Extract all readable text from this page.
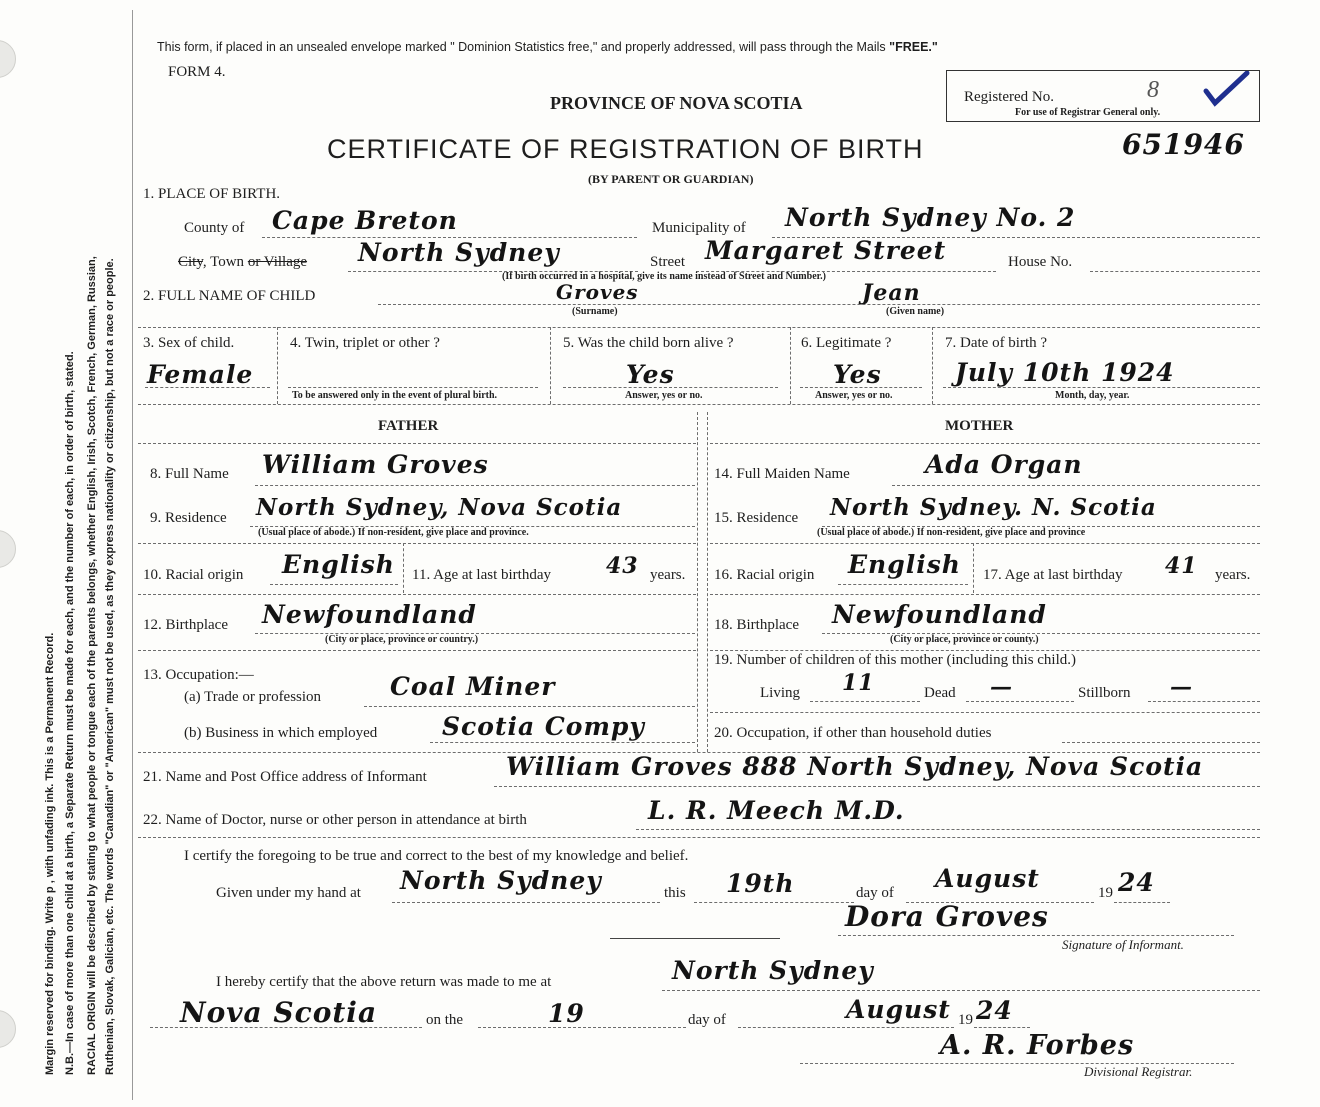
Margin reserved for binding. Write p , with unfading ink. This is a Permanent Record. N.B.—In case of more than one child at a birth, a Separate Return must be made for each, and the number of each, in order of birth, stated. RACIAL ORIGIN will be described by stating to what people or tongue each of the parents belongs, whether English, Irish, Scotch, French, German, Russian, Ruthenian, Slovak, Galician, etc. The words "Canadian" or "American" must not be used, as they express nationality or citizenship, but not a race or people.
This form, if placed in an unsealed envelope marked " Dominion Statistics free," and properly addressed, will pass through the Mails "FREE."
FORM 4.
PROVINCE OF NOVA SCOTIA
CERTIFICATE OF REGISTRATION OF BIRTH
(BY PARENT OR GUARDIAN)
Registered No.	8
For use of Registrar General only.
651946
1. PLACE OF BIRTH.
County of Cape Breton	Municipality of North Sydney No. 2
City, Town or Village North Sydney	Street Margaret Street	House No.
(If birth occurred in a hospital, give its name instead of Street and Number.)
2. FULL NAME OF CHILD	Groves	Jean
(Surname)	(Given name)
3. Sex of child.
Female
4. Twin, triplet or other ?
To be answered only in the event of plural birth.
5. Was the child born alive ?
Yes
Answer, yes or no.
6. Legitimate ?
Yes
Answer, yes or no.
7. Date of birth ?
July 10th 1924
Month, day, year.
FATHER	MOTHER
8. Full Name William Groves
9. Residence North Sydney, Nova Scotia
(Usual place of abode.) If non-resident, give place and province.
10. Racial origin English 11. Age at last birthday	43 years.
12. Birthplace Newfoundland
(City or place, province or country.)
13. Occupation:—
(a) Trade or profession	Coal Miner
(b) Business in which employed	Scotia Compy
14. Full Maiden Name	Ada Organ
15. Residence North Sydney. N. Scotia
(Usual place of abode.) If non-resident, give place and province
16. Racial origin English 17. Age at last birthday 41 years.
18. Birthplace Newfoundland
(City or place, province or county.)
19. Number of children of this mother (including this child.)
Living 11	Dead —	Stillborn —
20. Occupation, if other than household duties
21. Name and Post Office address of Informant	William Groves 888 North Sydney, Nova Scotia
22. Name of Doctor, nurse or other person in attendance at birth	L. R. Meech M.D.
I certify the foregoing to be true and correct to the best of my knowledge and belief.
Given under my hand at North Sydney	this 19th	day of August	19 24
Dora Groves
Signature of Informant.
I hereby certify that the above return was made to me at	North Sydney
Nova Scotia	on the	19	day of	August 19 24
A. R. Forbes
Divisional Registrar.
